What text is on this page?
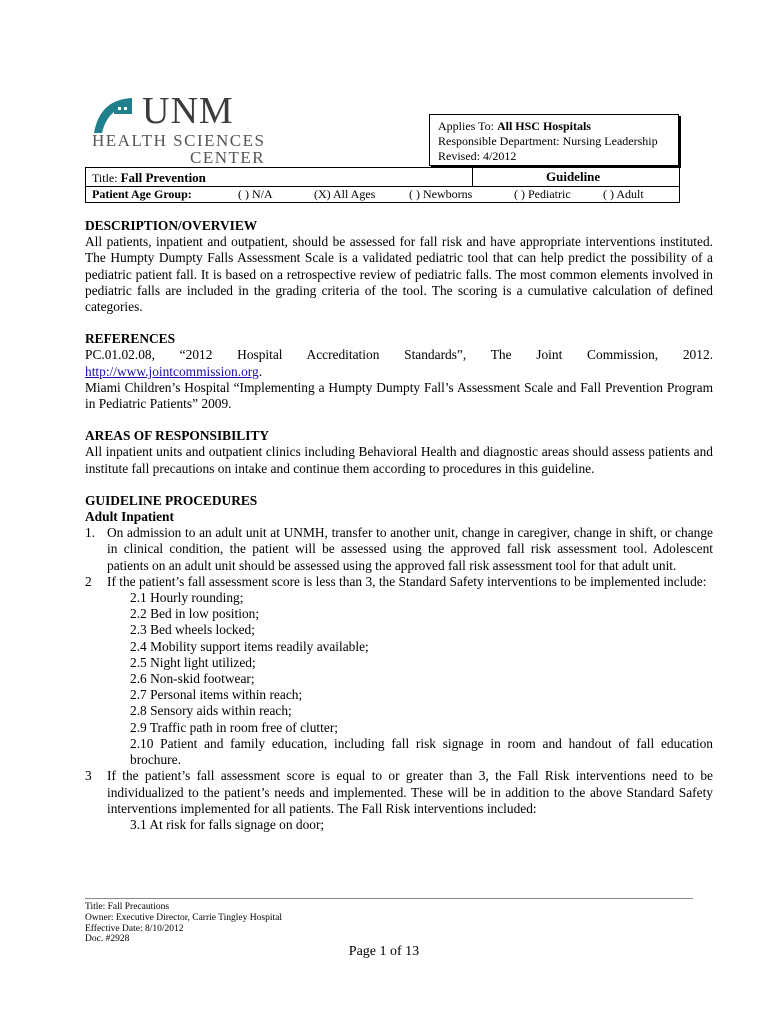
UNM
HEALTH SCIENCES
CENTER
Applies To: All HSC Hospitals
Responsible Department: Nursing Leadership
Revised: 4/2012
Title: Fall Prevention	Guideline
Patient Age Group:	( ) N/A	(X) All Ages	( ) Newborns	( ) Pediatric	( ) Adult

DESCRIPTION/OVERVIEW

All patients, inpatient and outpatient, should be assessed for fall risk and have appropriate interventions instituted. The Humpty Dumpty Falls Assessment Scale is a validated pediatric tool that can help predict the possibility of a pediatric patient fall. It is based on a retrospective review of pediatric falls. The most common elements involved in pediatric falls are included in the grading criteria of the tool. The scoring is a cumulative calculation of defined categories.

REFERENCES

PC.01.02.08, “2012 Hospital Accreditation Standards”, The Joint Commission, 2012.

http://www.jointcommission.org.

Miami Children’s Hospital “Implementing a Humpty Dumpty Fall’s Assessment Scale and Fall Prevention Program in Pediatric Patients” 2009.

AREAS OF RESPONSIBILITY

All inpatient units and outpatient clinics including Behavioral Health and diagnostic areas should assess patients and institute fall precautions on intake and continue them according to procedures in this guideline.

GUIDELINE PROCEDURES

Adult Inpatient

1. On admission to an adult unit at UNMH, transfer to another unit, change in caregiver, change in shift, or change in clinical condition, the patient will be assessed using the approved fall risk assessment tool. Adolescent patients on an adult unit should be assessed using the approved fall risk assessment tool for that adult unit.
2	If the patient’s fall assessment score is less than 3, the Standard Safety interventions to be implemented include:
2.1 Hourly rounding;
2.2 Bed in low position;
2.3 Bed wheels locked;
2.4 Mobility support items readily available;
2.5 Night light utilized;
2.6 Non-skid footwear;
2.7 Personal items within reach;
2.8 Sensory aids within reach;
2.9 Traffic path in room free of clutter;
2.10 Patient and family education, including fall risk signage in room and handout of fall education brochure.
3	If the patient’s fall assessment score is equal to or greater than 3, the Fall Risk interventions need to be individualized to the patient’s needs and implemented. These will be in addition to the above Standard Safety interventions implemented for all patients. The Fall Risk interventions included:
3.1 At risk for falls signage on door;
Title: Fall Precautions
Owner: Executive Director, Carrie Tingley Hospital
Effective Date: 8/10/2012
Doc. #2928
Page 1 of 13
